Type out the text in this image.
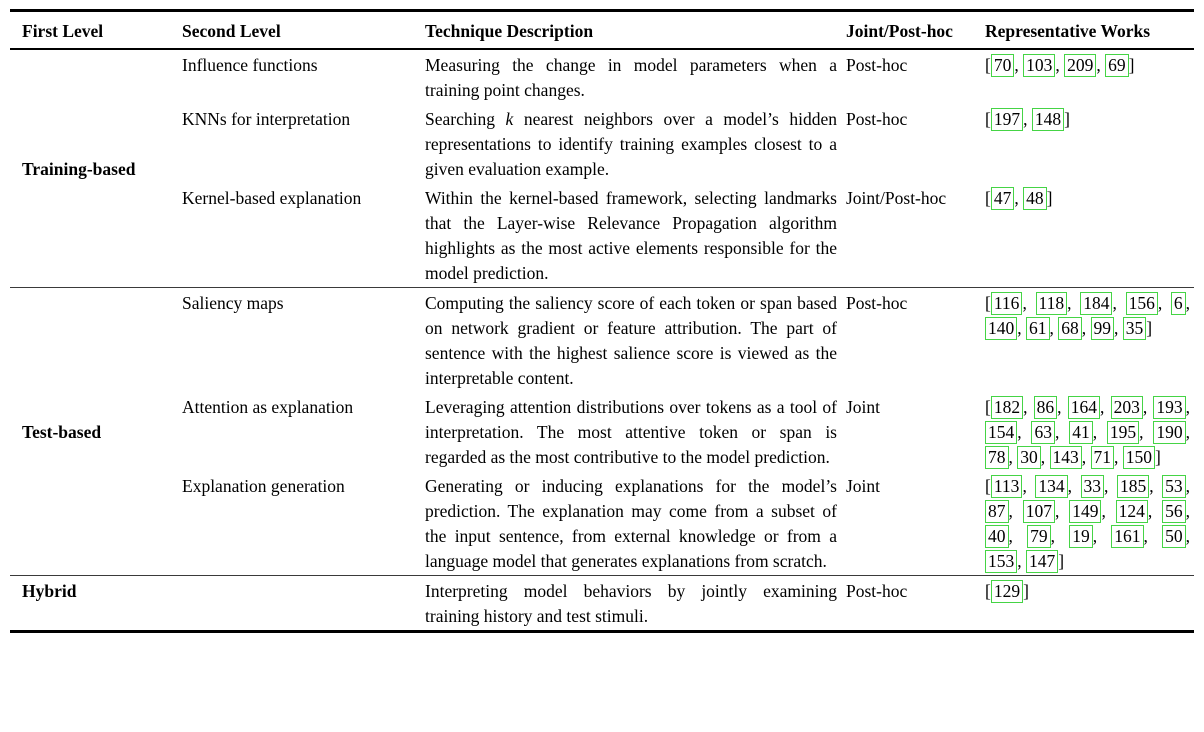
First Level	Second Level	Technique Description	Joint/Post-hoc	Representative Works
Training-based	Influence functions	Measuring the change in model parameters when a training point changes.	Post-hoc	[ 70 , 103 , 209 , 69 ]
	KNNs for interpretation	Searching k nearest neighbors over a model’s hidden representations to identify training examples closest to a given evaluation example.	Post-hoc	[ 197 , 148 ]
	Kernel-based explanation	Within the kernel-based framework, selecting landmarks that the Layer-wise Relevance Propagation algorithm highlights as the most active elements responsible for the model prediction.	Joint/Post-hoc	[ 47 , 48 ]
Test-based	Saliency maps	Computing the saliency score of each token or span based on network gradient or feature attribution. The part of sentence with the highest salience score is viewed as the interpretable content.	Post-hoc	[ 116 , 118 , 184 , 156 , 6 , 140 , 61 , 68 , 99 , 35 ]
	Attention as explanation	Leveraging attention distributions over tokens as a tool of interpretation. The most attentive token or span is regarded as the most contributive to the model prediction.	Joint	[ 182 , 86 , 164 , 203 , 193 , 154 , 63 , 41 , 195 , 190 , 78 , 30 , 143 , 71 , 150 ]
	Explanation generation	Generating or inducing explanations for the model’s prediction. The explanation may come from a subset of the input sentence, from external knowledge or from a language model that generates explanations from scratch.	Joint	[ 113 , 134 , 33 , 185 , 53 , 87 , 107 , 149 , 124 , 56 , 40 , 79 , 19 , 161 , 50 , 153 , 147 ]
Hybrid		Interpreting model behaviors by jointly examining training history and test stimuli.	Post-hoc	[ 129 ]
